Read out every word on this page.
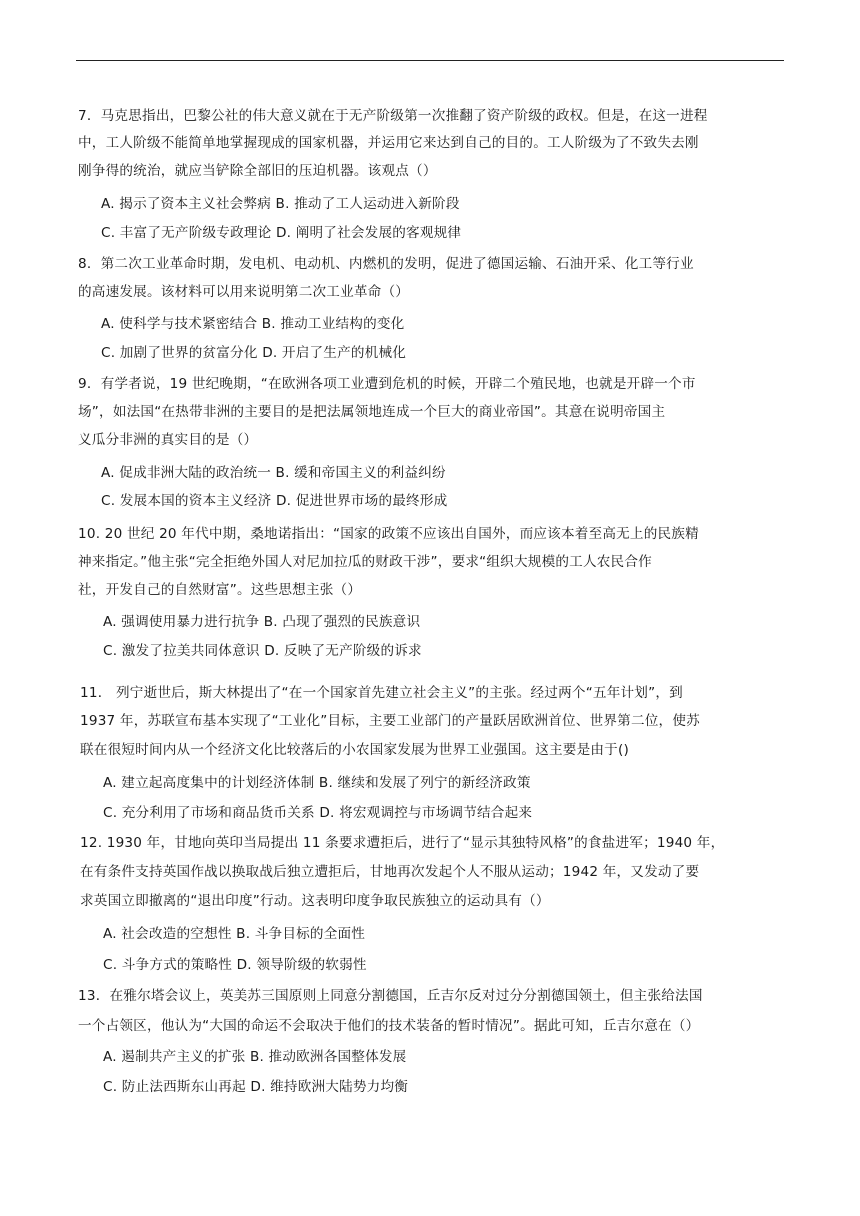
7．马克思指出，巴黎公社的伟大意义就在于无产阶级第一次推翻了资产阶级的政权。但是，在这一进程
中，工人阶级不能简单地掌握现成的国家机器，并运用它来达到自己的目的。工人阶级为了不致失去刚
刚争得的统治，就应当铲除全部旧的压迫机器。该观点（）
A. 揭示了资本主义社会弊病 B. 推动了工人运动进入新阶段
C. 丰富了无产阶级专政理论 D. 阐明了社会发展的客观规律
8．第二次工业革命时期，发电机、电动机、内燃机的发明，促进了德国运输、石油开采、化工等行业
的高速发展。该材料可以用来说明第二次工业革命（）
A. 使科学与技术紧密结合 B. 推动工业结构的变化
C. 加剧了世界的贫富分化 D. 开启了生产的机械化
9．有学者说，19 世纪晚期，“在欧洲各项工业遭到危机的时候，开辟二个殖民地，也就是开辟一个市
场”，如法国“在热带非洲的主要目的是把法属领地连成一个巨大的商业帝国”。其意在说明帝国主
义瓜分非洲的真实目的是（）
A. 促成非洲大陆的政治统一 B. 缓和帝国主义的利益纠纷
C. 发展本国的资本主义经济 D. 促进世界市场的最终形成
10. 20 世纪 20 年代中期，桑地诺指出：“国家的政策不应该出自国外，而应该本着至高无上的民族精
神来指定。”他主张“完全拒绝外国人对尼加拉瓜的财政干涉”，要求“组织大规模的工人农民合作
社，开发自己的自然财富”。这些思想主张（）
A. 强调使用暴力进行抗争 B. 凸现了强烈的民族意识
C. 激发了拉美共同体意识 D. 反映了无产阶级的诉求
11． 列宁逝世后，斯大林提出了“在一个国家首先建立社会主义”的主张。经过两个“五年计划”，到
1937 年，苏联宣布基本实现了“工业化”目标，主要工业部门的产量跃居欧洲首位、世界第二位，使苏
联在很短时间内从一个经济文化比较落后的小农国家发展为世界工业强国。这主要是由于()
A. 建立起高度集中的计划经济体制 B. 继续和发展了列宁的新经济政策
C. 充分利用了市场和商品货币关系 D. 将宏观调控与市场调节结合起来
12. 1930 年，甘地向英印当局提出 11 条要求遭拒后，进行了“显示其独特风格”的食盐进军；1940 年，
在有条件支持英国作战以换取战后独立遭拒后，甘地再次发起个人不服从运动；1942 年，又发动了要
求英国立即撤离的“退出印度”行动。这表明印度争取民族独立的运动具有（）
A. 社会改造的空想性 B. 斗争目标的全面性
C. 斗争方式的策略性 D. 领导阶级的软弱性
13．在雅尔塔会议上，英美苏三国原则上同意分割德国，丘吉尔反对过分分割德国领土，但主张给法国
一个占领区，他认为“大国的命运不会取决于他们的技术装备的暂时情况”。据此可知，丘吉尔意在（）
A. 遏制共产主义的扩张 B. 推动欧洲各国整体发展
C. 防止法西斯东山再起 D. 维持欧洲大陆势力均衡
